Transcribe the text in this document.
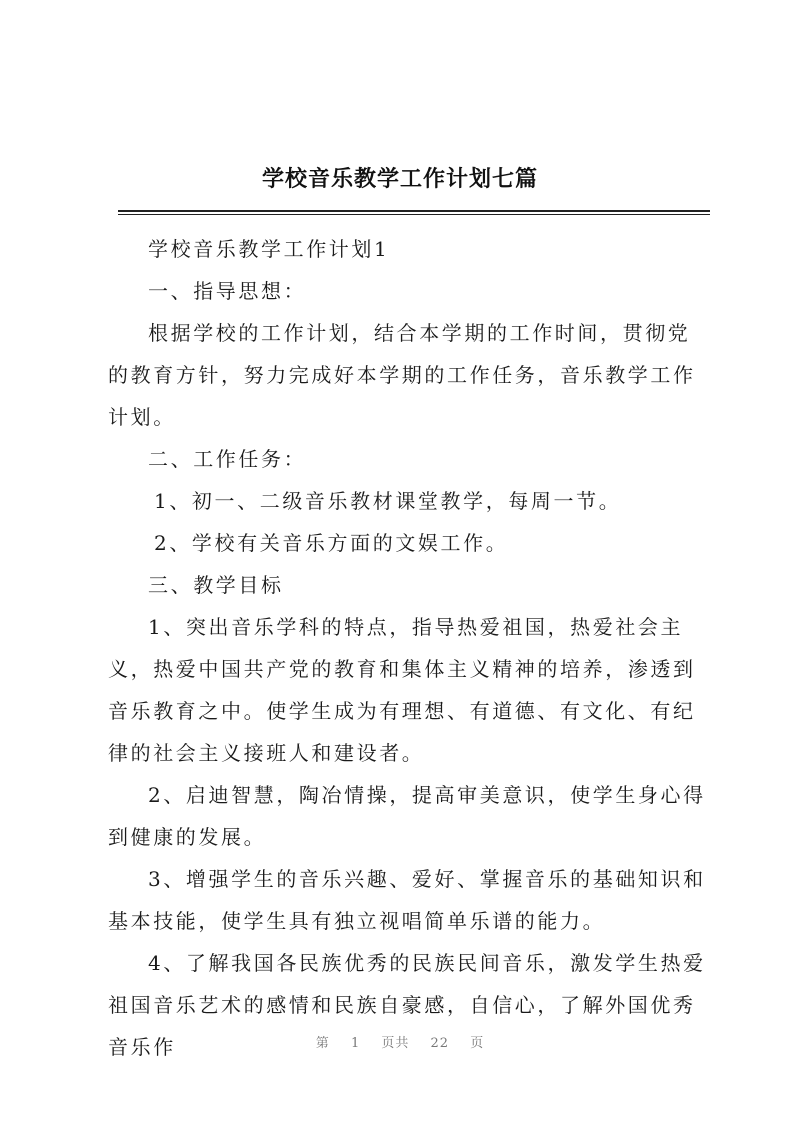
学校音乐教学工作计划七篇

学校音乐教学工作计划1

一、指导思想：

根据学校的工作计划，结合本学期的工作时间，贯彻党的教育方针，努力完成好本学期的工作任务，音乐教学工作计划。

二、工作任务：

1、初一、二级音乐教材课堂教学，每周一节。

2、学校有关音乐方面的文娱工作。

三、教学目标

1、突出音乐学科的特点，指导热爱祖国，热爱社会主义，热爱中国共产党的教育和集体主义精神的培养，渗透到音乐教育之中。使学生成为有理想、有道德、有文化、有纪律的社会主义接班人和建设者。

2、启迪智慧，陶冶情操，提高审美意识，使学生身心得到健康的发展。

3、增强学生的音乐兴趣、爱好、掌握音乐的基础知识和基本技能，使学生具有独立视唱简单乐谱的能力。

4、了解我国各民族优秀的民族民间音乐，激发学生热爱祖国音乐艺术的感情和民族自豪感，自信心，了解外国优秀音乐作	第 1 页共 22 页
